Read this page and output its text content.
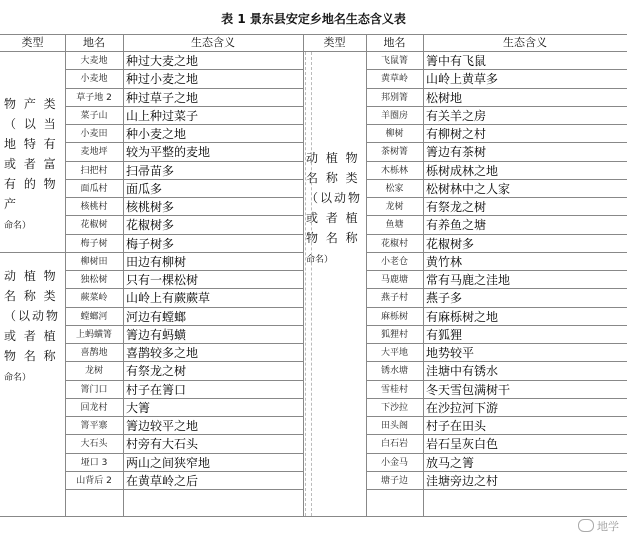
表 1 景东县安定乡地名生态含义表
类型	地名	生态含义	类型	地名	生态含义
物 产 类 （ 以 当 地 特 有 或 者 富 有 的 物 产
命名）
动 植 物 名 称 类 （以动物 或 者 植 物 名 称
命名）
动 植 物 名 称 类 （以动物 或 者 植 物 名 称
命名）
地学
大麦地	种过大麦之地
小麦地	种过小麦之地
草子地 2	种过草子之地
菜子山	山上种过菜子
小麦田	种小麦之地
麦地坪	较为平整的麦地
扫把村	扫帚苗多
面瓜村	面瓜多
核桃村	核桃树多
花椒树	花椒树多
梅子树	梅子树多
柳树田	田边有柳树
独松树	只有一棵松树
蕨菜岭	山岭上有蕨蕨草
螳螂河	河边有螳螂
上蚂蟥箐	箐边有蚂蟥
喜鹊地	喜鹊较多之地
龙树	有祭龙之树
箐门口	村子在箐口
回龙村	大箐
箐平寨	箐边较平之地
大石头	村旁有大石头
垭口 3	两山之间狭窄地
山背后 2	在黄草岭之后
飞鼠箐	箐中有飞鼠
黄草岭	山岭上黄草多
邦别箐	松树地
羊圈房	有关羊之房
柳树	有柳树之村
茶树箐	箐边有茶树
木栎林	栎树成林之地
松家	松树林中之人家
龙树	有祭龙之树
鱼塘	有养鱼之塘
花椒村	花椒树多
小老仓	黄竹林
马鹿塘	常有马鹿之洼地
燕子村	燕子多
麻栎树	有麻栎树之地
狐狸村	有狐狸
大平地	地势较平
锈水塘	洼塘中有锈水
雪桂村	冬天雪包满树干
下沙拉	在沙拉河下游
田头阁	村子在田头
白石岩	岩石呈灰白色
小金马	放马之箐
塘子边	洼塘旁边之村
